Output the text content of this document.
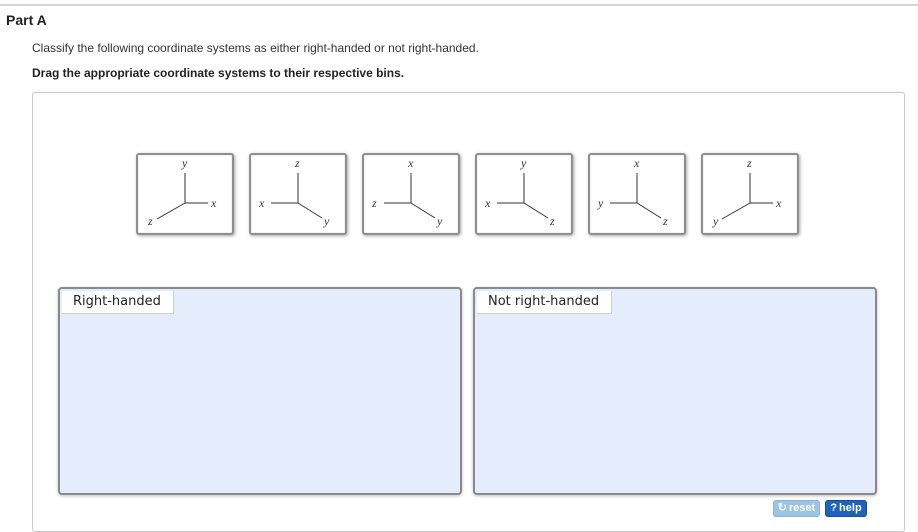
Part A
Classify the following coordinate systems as either right-handed or not right-handed.
Drag the appropriate coordinate systems to their respective bins.
y
x
z
z
x
y
x
z
y
y
x
z
x
y
z
z
x
y
Right-handed	Not right-handed
↻ reset	? help
